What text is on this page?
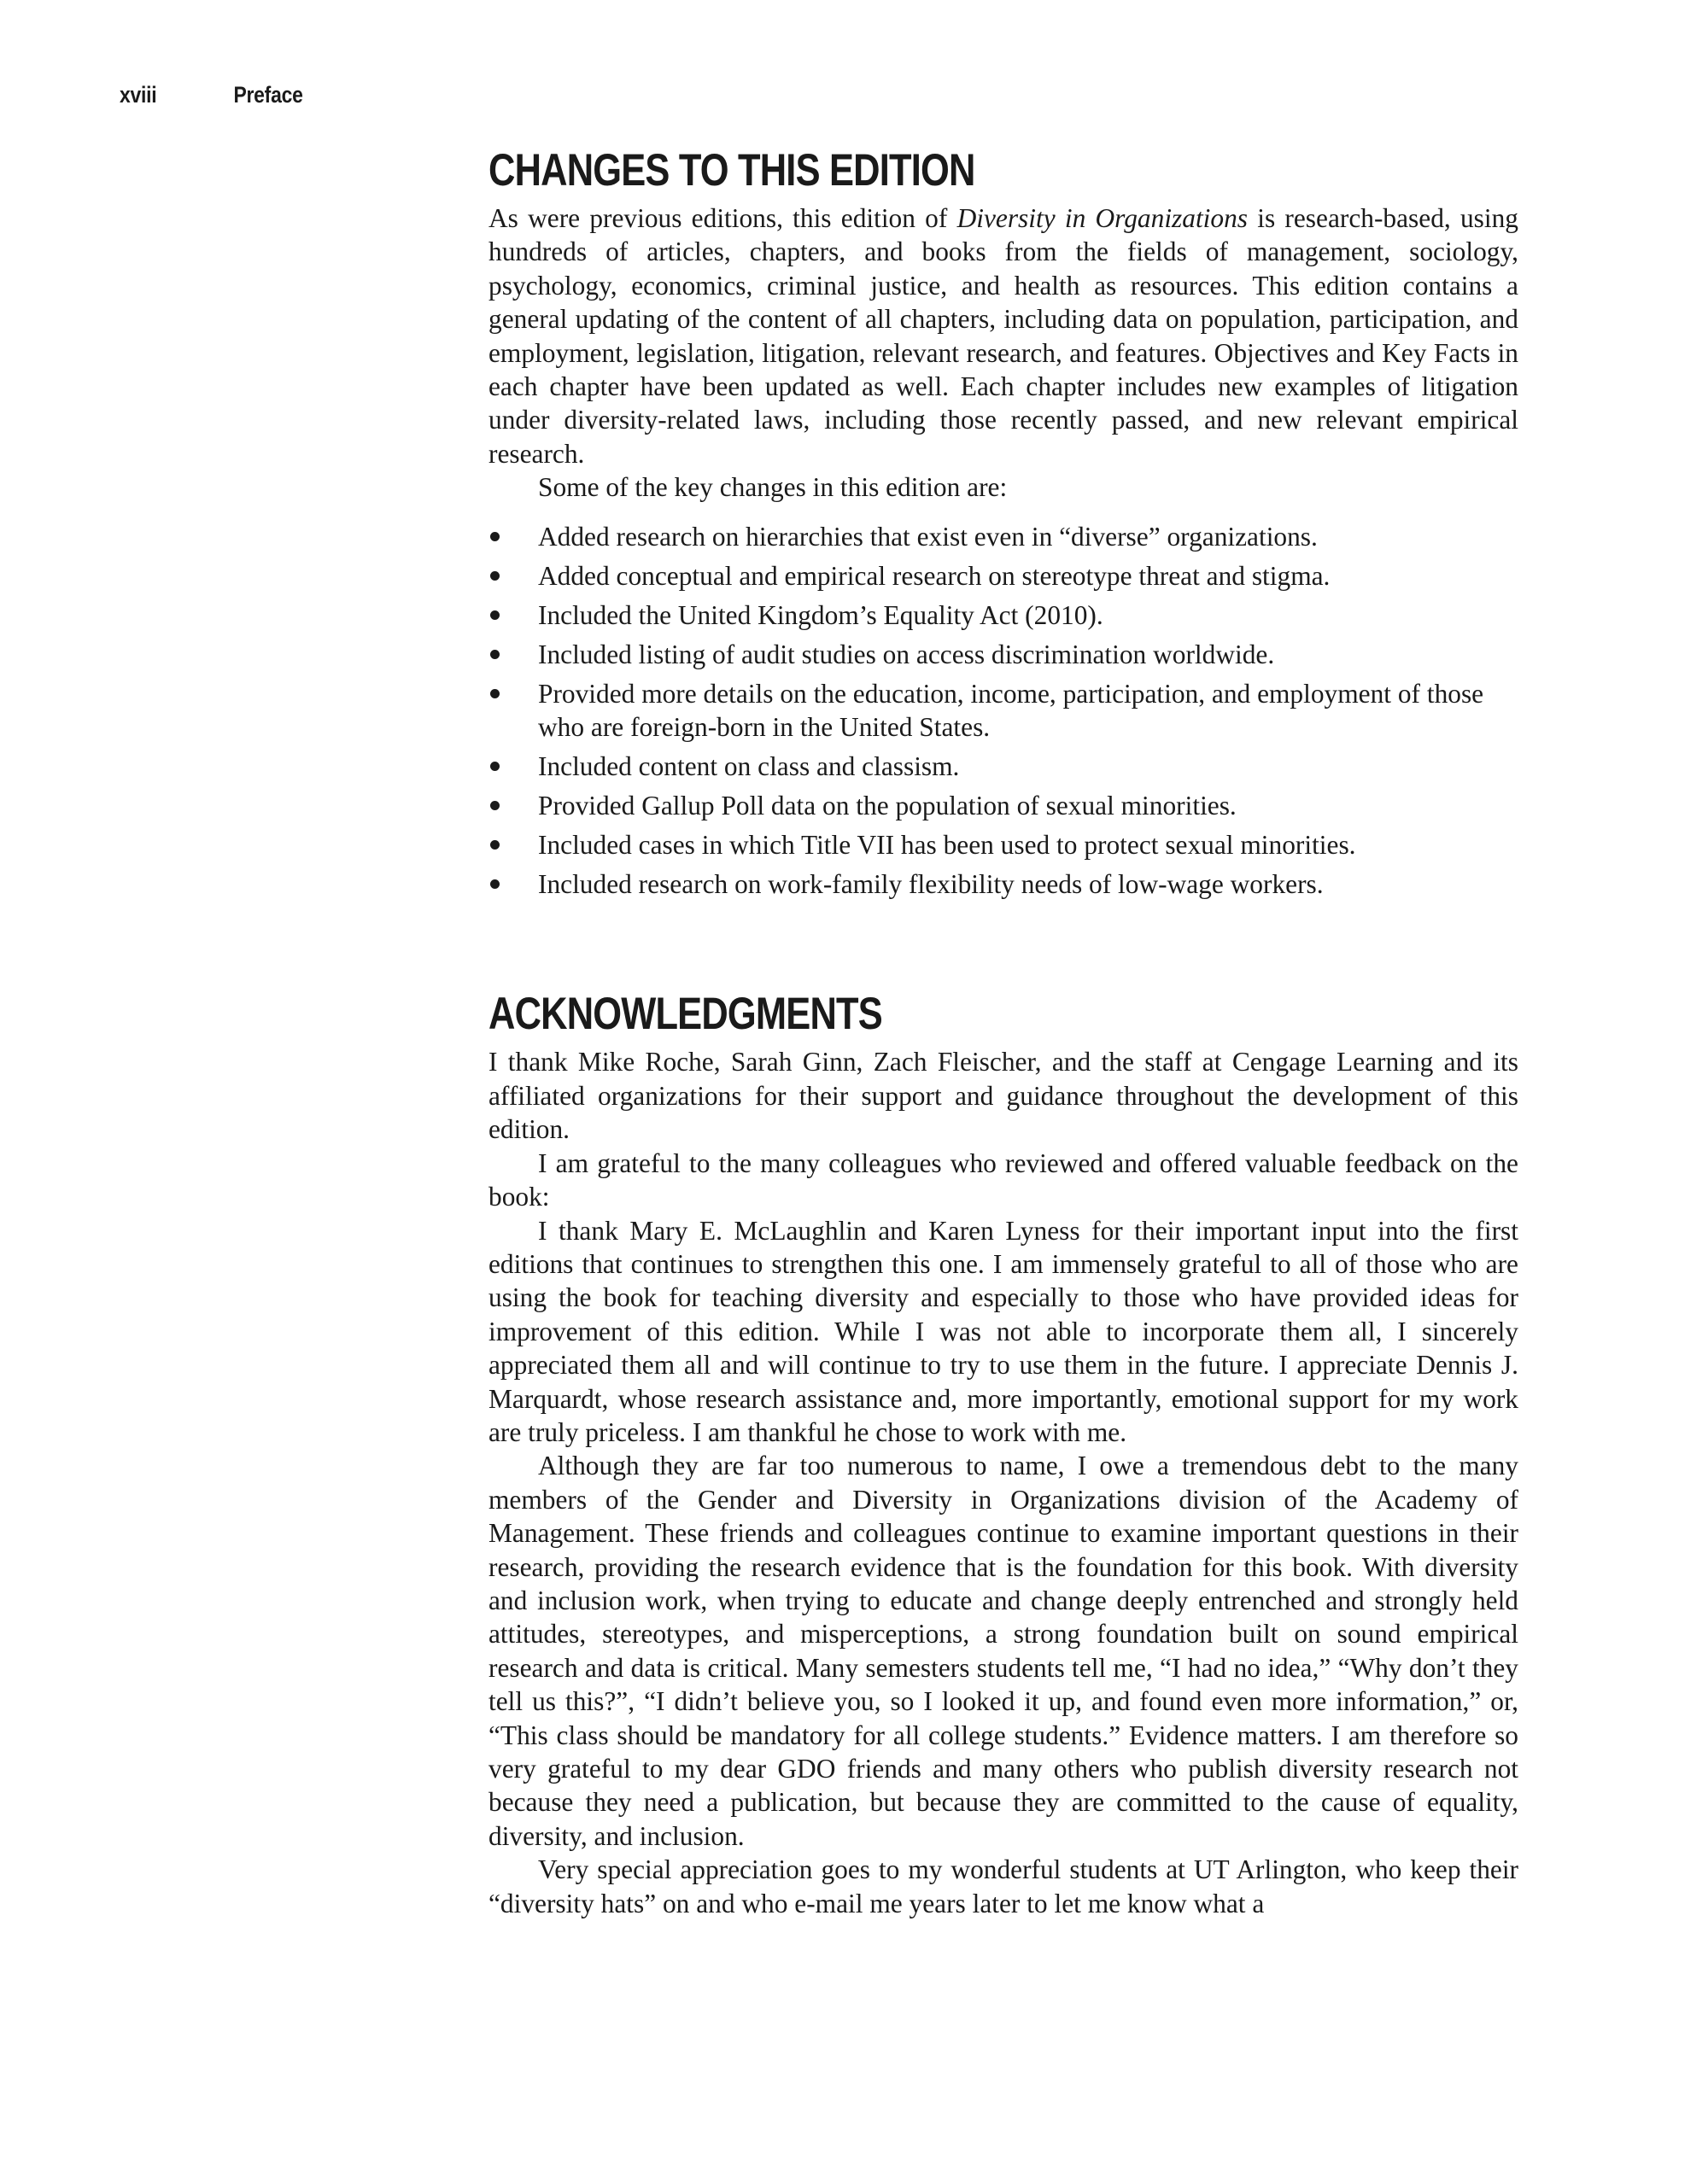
xviii	Preface
CHANGES TO THIS EDITION

As were previous editions, this edition of Diversity in Organizations is research-based, using hundreds of articles, chapters, and books from the fields of management, sociology, psychology, economics, criminal justice, and health as resources. This edition contains a general updating of the content of all chapters, including data on population, participation, and employment, legislation, litigation, relevant research, and features. Objectives and Key Facts in each chapter have been updated as well. Each chapter includes new examples of litigation under diversity-related laws, including those recently passed, and new relevant empirical research.

Some of the key changes in this edition are:

Added research on hierarchies that exist even in “diverse” organizations.
Added conceptual and empirical research on stereotype threat and stigma.
Included the United Kingdom’s Equality Act (2010).
Included listing of audit studies on access discrimination worldwide.
Provided more details on the education, income, participation, and employment of those who are foreign-born in the United States.
Included content on class and classism.
Provided Gallup Poll data on the population of sexual minorities.
Included cases in which Title VII has been used to protect sexual minorities.
Included research on work-family flexibility needs of low-wage workers.
ACKNOWLEDGMENTS

I thank Mike Roche, Sarah Ginn, Zach Fleischer, and the staff at Cengage Learning and its affiliated organizations for their support and guidance throughout the development of this edition.

I am grateful to the many colleagues who reviewed and offered valuable feedback on the book:

I thank Mary E. McLaughlin and Karen Lyness for their important input into the first editions that continues to strengthen this one. I am immensely grateful to all of those who are using the book for teaching diversity and especially to those who have provided ideas for improvement of this edition. While I was not able to incorporate them all, I sincerely appreciated them all and will continue to try to use them in the future. I appreciate Dennis J. Marquardt, whose research assistance and, more importantly, emotional support for my work are truly priceless. I am thankful he chose to work with me.

Although they are far too numerous to name, I owe a tremendous debt to the many members of the Gender and Diversity in Organizations division of the Academy of Management. These friends and colleagues continue to examine important questions in their research, providing the research evidence that is the foundation for this book. With diversity and inclusion work, when trying to educate and change deeply entrenched and strongly held attitudes, stereotypes, and misperceptions, a strong foundation built on sound empirical research and data is critical. Many semesters students tell me, “I had no idea,” “Why don’t they tell us this?”, “I didn’t believe you, so I looked it up, and found even more information,” or, “This class should be mandatory for all college students.” Evidence matters. I am therefore so very grateful to my dear GDO friends and many others who publish diversity research not because they need a publication, but because they are committed to the cause of equality, diversity, and inclusion.

Very special appreciation goes to my wonderful students at UT Arlington, who keep their “diversity hats” on and who e-mail me years later to let me know what a
